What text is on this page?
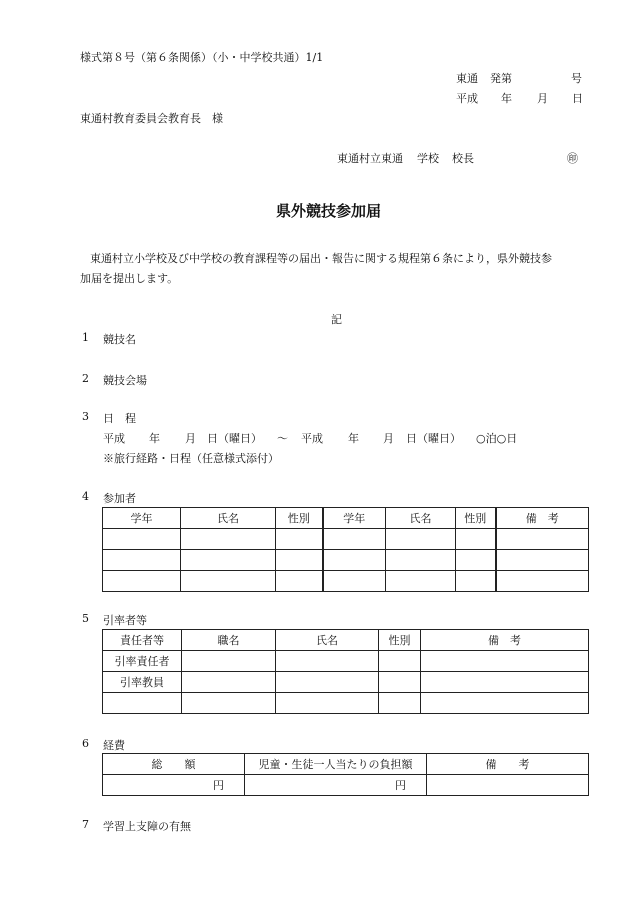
様式第８号（第６条関係）（小・中学校共通）1/1
東通 発第	号
平成 年 月 日
東通村教育委員会教育長　様
東通村立東通 学校 校長	㊞
県外競技参加届
東通村立小学校及び中学校の教育課程等の届出・報告に関する規程第６条により，県外競技参
加届を提出します。
記
1 競技名
2 競技会場
3 日　程
平成 年 月 日（曜日） ～ 平成 年 月 日（曜日） ○泊○日
※旅行経路・日程（任意様式添付）
4 参加者
学年	氏名	性別	学年	氏名	性別	備　考

5 引率者等
責任者等	職名	氏名	性別	備　考
引率責任者				
引率教員				

6 経費
総　　額	児童・生徒一人当たりの負担額	備　　考
円	円	
7 学習上支障の有無
